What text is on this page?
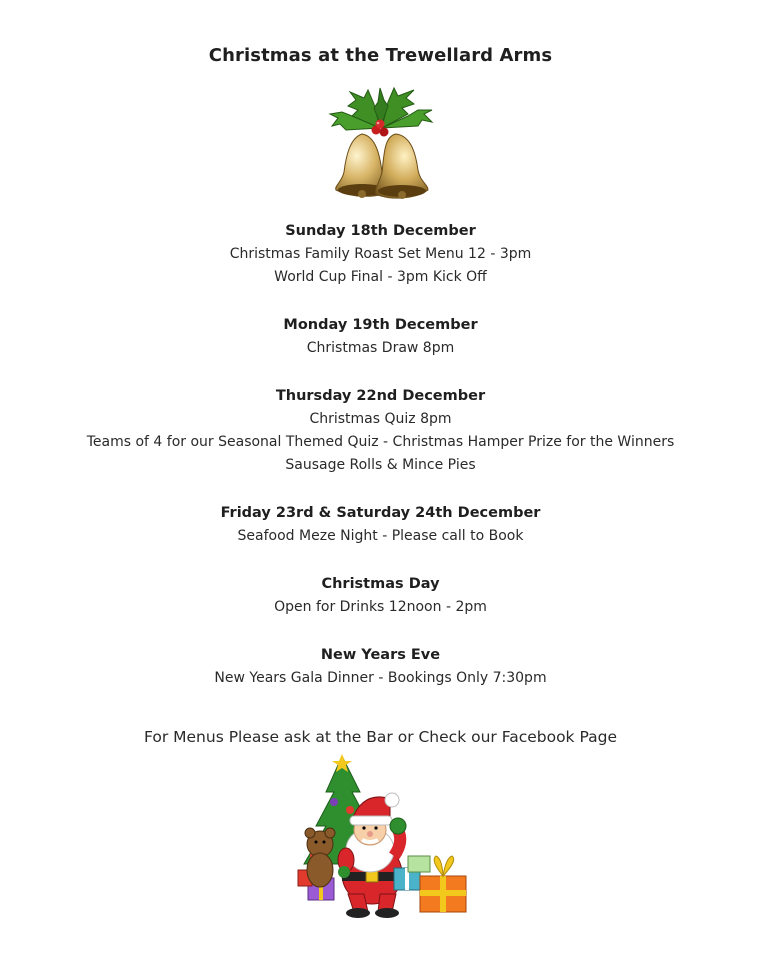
Christmas at the Trewellard Arms
Sunday 18th December
Christmas Family Roast Set Menu 12 - 3pm
World Cup Final - 3pm Kick Off
Monday 19th December
Christmas Draw 8pm
Thursday 22nd December
Christmas Quiz 8pm
Teams of 4 for our Seasonal Themed Quiz - Christmas Hamper Prize for the Winners
Sausage Rolls & Mince Pies
Friday 23rd & Saturday 24th December
Seafood Meze Night - Please call to Book
Christmas Day
Open for Drinks 12noon - 2pm
New Years Eve
New Years Gala Dinner - Bookings Only 7:30pm
For Menus Please ask at the Bar or Check our Facebook Page
